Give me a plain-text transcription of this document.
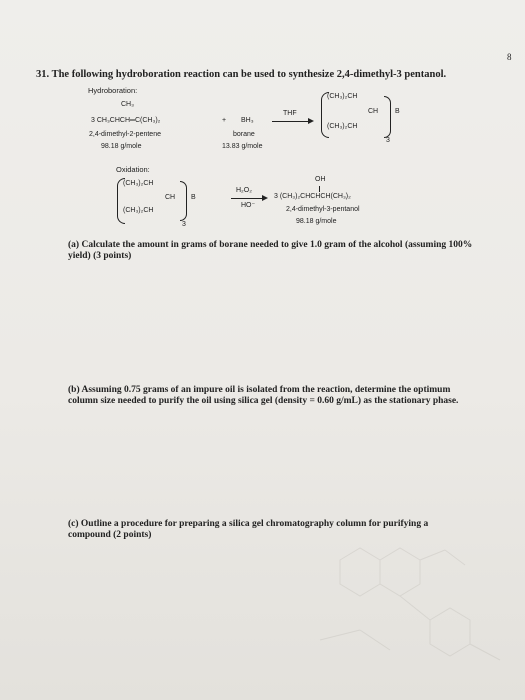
8
31. The following hydroboration reaction can be used to synthesize 2,4-dimethyl-3 pentanol.
Hydroboration:
CH₃
3 CH₃CHCH═C(CH₃)₂	+ BH₃
2,4-dimethyl-2-pentene
98.18 g/mole
borane
13.83 g/mole
THF
(CH₃)₂CH
(CH₃)₂CH
CH B
3
Oxidation:
(CH₃)₂CH
(CH₃)₂CH
CH B
3
H₂O₂
HO⁻
OH
3 (CH₃)₂CHCHCH(CH₃)₂
2,4-dimethyl-3-pentanol
98.18 g/mole
(a) Calculate the amount in grams of borane needed to give 1.0 gram of the alcohol (assuming 100% yield) (3 points)
(b) Assuming 0.75 grams of an impure oil is isolated from the reaction, determine the optimum column size needed to purify the oil using silica gel (density = 0.60 g/mL) as the stationary phase.
(c) Outline a procedure for preparing a silica gel chromatography column for purifying a compound (2 points)
